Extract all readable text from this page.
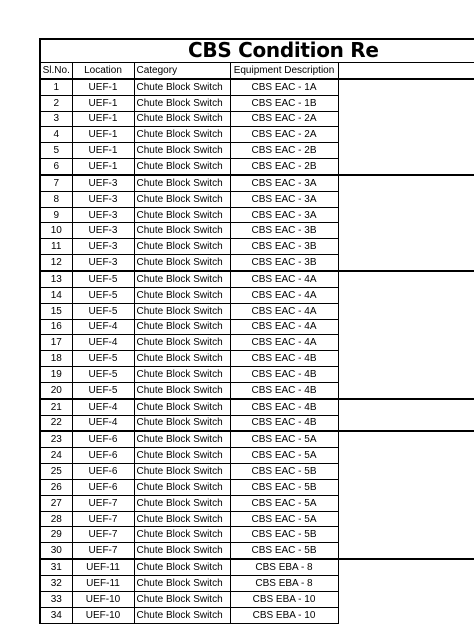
CBS Condition Re
Sl.No.	Location	Category	Equipment Description	
1	UEF-1	Chute Block Switch	CBS EAC - 1A	
2	UEF-1	Chute Block Switch	CBS EAC - 1B	
3	UEF-1	Chute Block Switch	CBS EAC - 2A	
4	UEF-1	Chute Block Switch	CBS EAC - 2A	
5	UEF-1	Chute Block Switch	CBS EAC - 2B	
6	UEF-1	Chute Block Switch	CBS EAC - 2B	
7	UEF-3	Chute Block Switch	CBS EAC - 3A	
8	UEF-3	Chute Block Switch	CBS EAC - 3A	
9	UEF-3	Chute Block Switch	CBS EAC - 3A	
10	UEF-3	Chute Block Switch	CBS EAC - 3B	
11	UEF-3	Chute Block Switch	CBS EAC - 3B	
12	UEF-3	Chute Block Switch	CBS EAC - 3B	
13	UEF-5	Chute Block Switch	CBS EAC - 4A	
14	UEF-5	Chute Block Switch	CBS EAC - 4A	
15	UEF-5	Chute Block Switch	CBS EAC - 4A	
16	UEF-4	Chute Block Switch	CBS EAC - 4A	
17	UEF-4	Chute Block Switch	CBS EAC - 4A	
18	UEF-5	Chute Block Switch	CBS EAC - 4B	
19	UEF-5	Chute Block Switch	CBS EAC - 4B	
20	UEF-5	Chute Block Switch	CBS EAC - 4B	
21	UEF-4	Chute Block Switch	CBS EAC - 4B	
22	UEF-4	Chute Block Switch	CBS EAC - 4B	
23	UEF-6	Chute Block Switch	CBS EAC - 5A	
24	UEF-6	Chute Block Switch	CBS EAC - 5A	
25	UEF-6	Chute Block Switch	CBS EAC - 5B	
26	UEF-6	Chute Block Switch	CBS EAC - 5B	
27	UEF-7	Chute Block Switch	CBS EAC - 5A	
28	UEF-7	Chute Block Switch	CBS EAC - 5A	
29	UEF-7	Chute Block Switch	CBS EAC - 5B	
30	UEF-7	Chute Block Switch	CBS EAC - 5B	
31	UEF-11	Chute Block Switch	CBS EBA - 8	
32	UEF-11	Chute Block Switch	CBS EBA - 8	
33	UEF-10	Chute Block Switch	CBS EBA - 10	
34	UEF-10	Chute Block Switch	CBS EBA - 10	
